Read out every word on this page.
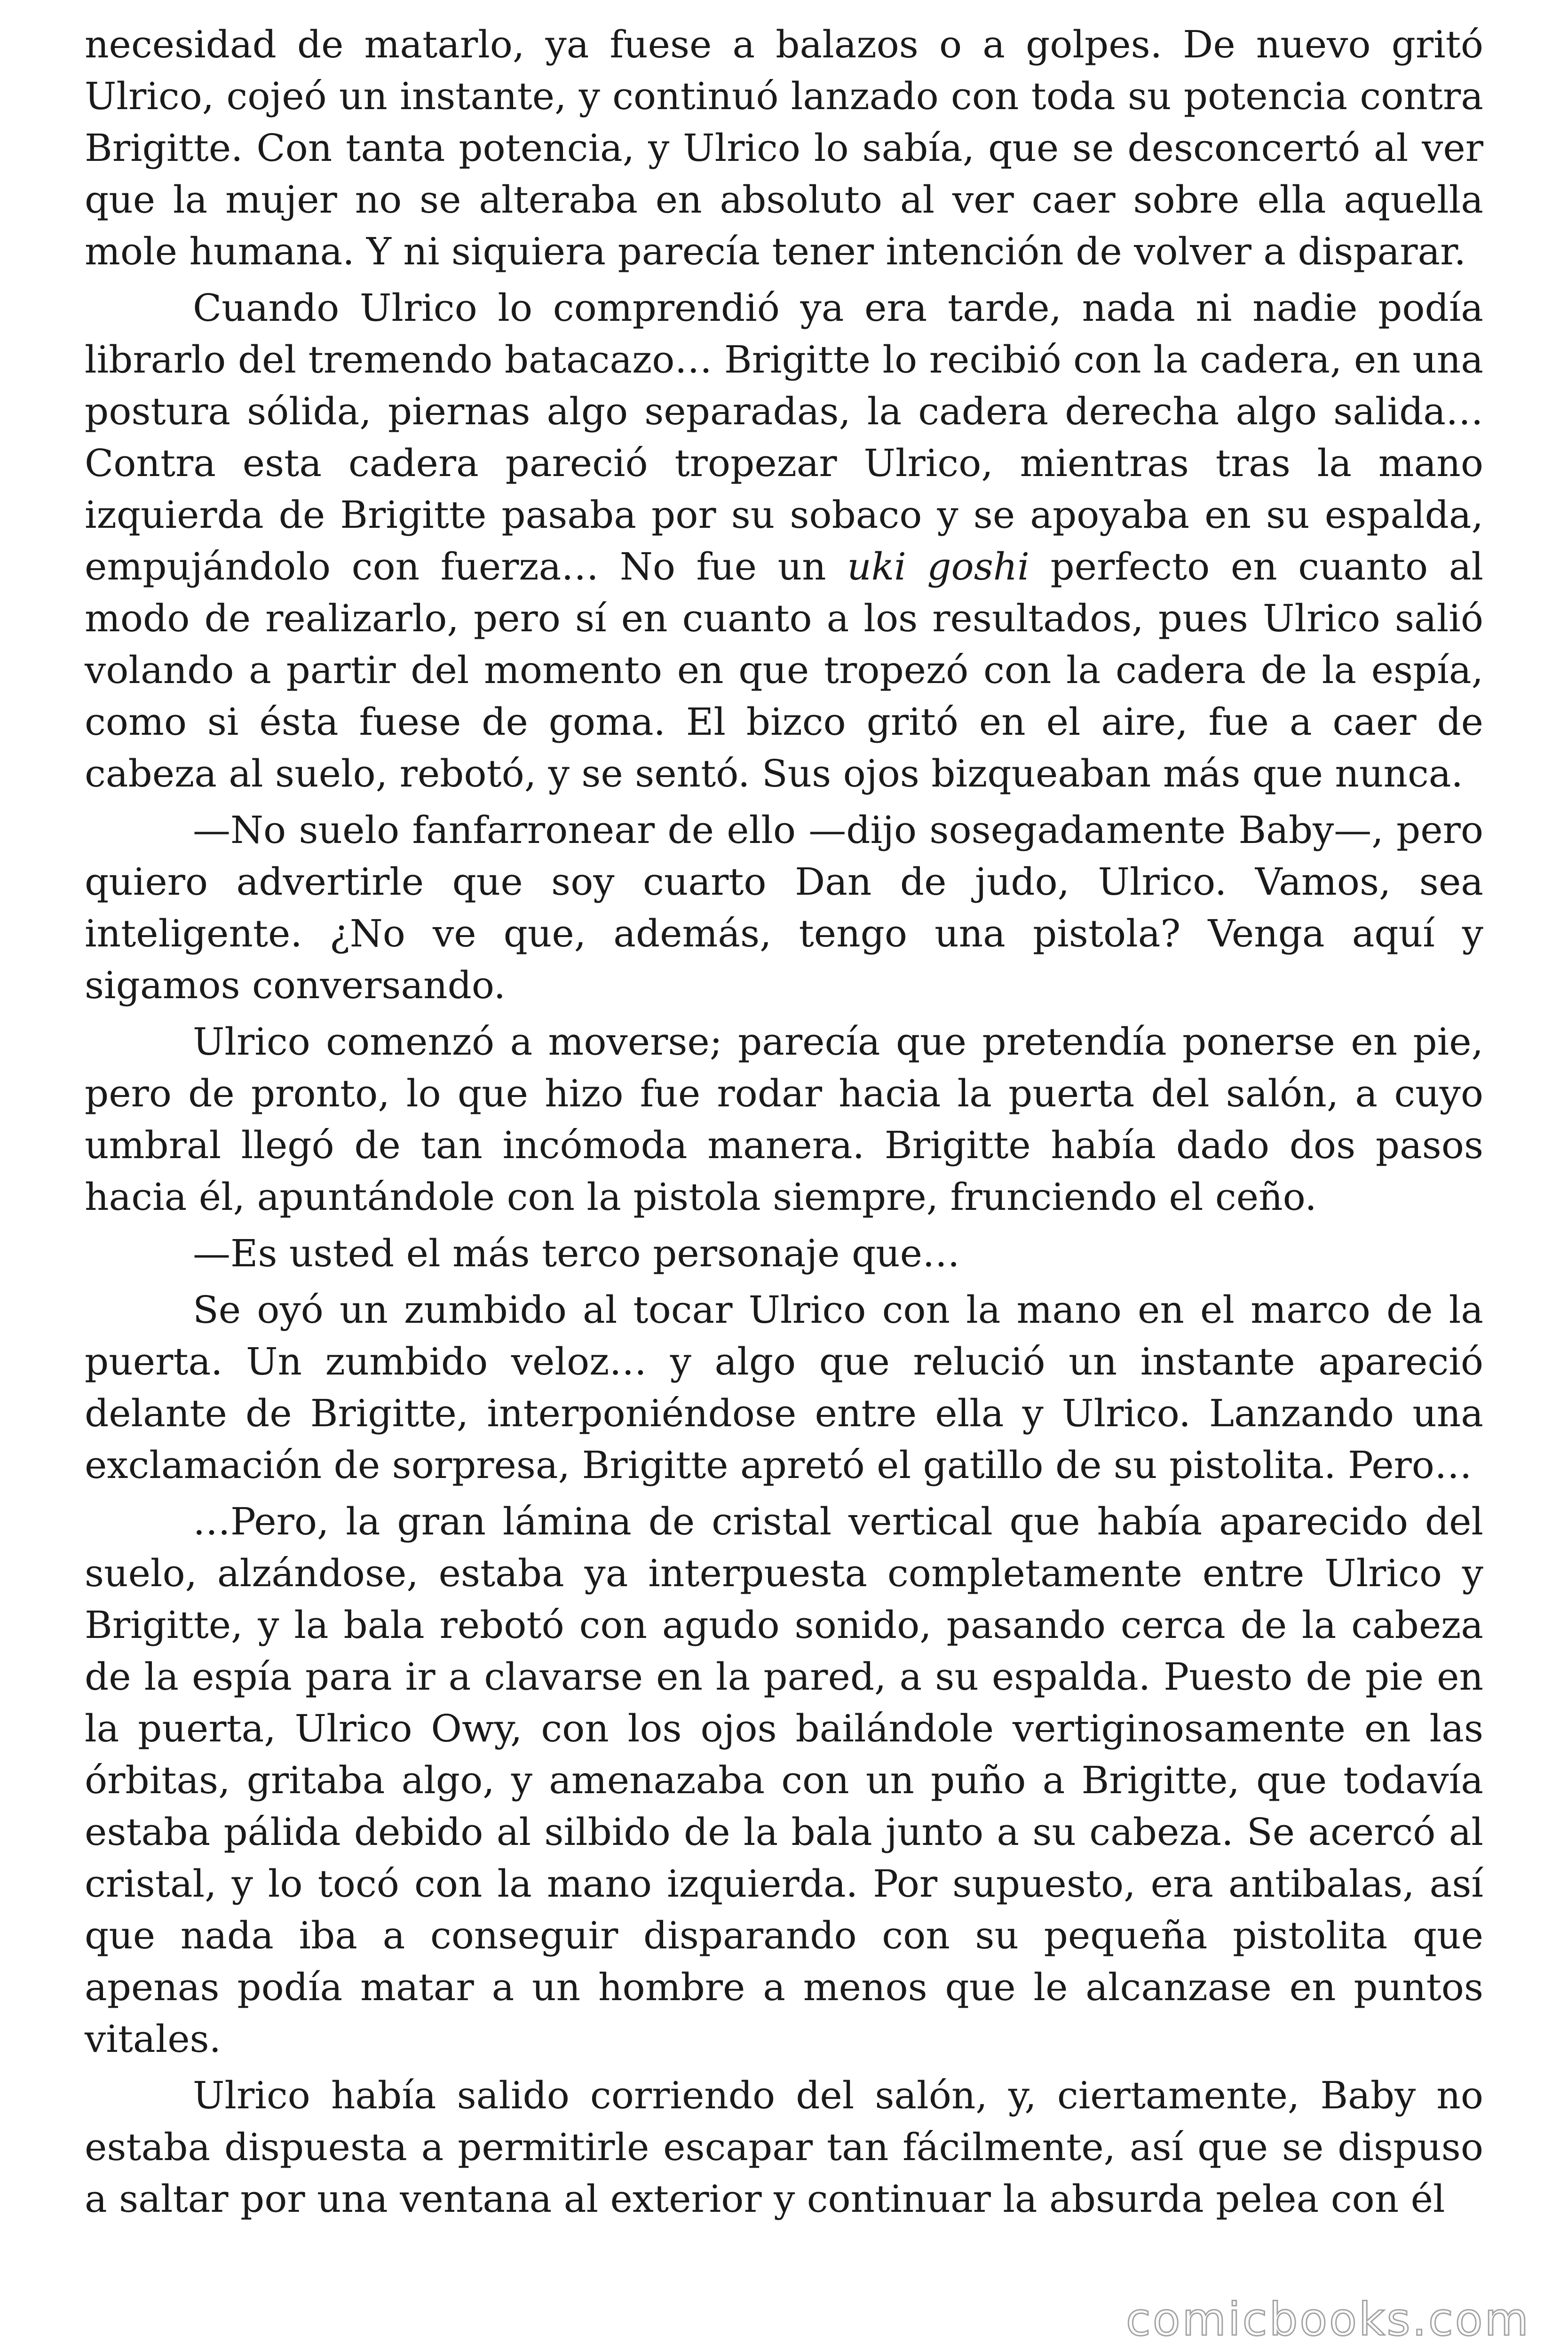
necesidad de matarlo, ya fuese a balazos o a golpes. De nuevo gritó Ulrico, cojeó un instante, y continuó lanzado con toda su potencia contra Brigitte. Con tanta potencia, y Ulrico lo sabía, que se desconcertó al ver que la mujer no se alteraba en absoluto al ver caer sobre ella aquella mole humana. Y ni siquiera parecía tener intención de volver a disparar.

Cuando Ulrico lo comprendió ya era tarde, nada ni nadie podía librarlo del tremendo batacazo… Brigitte lo recibió con la cadera, en una postura sólida, piernas algo separadas, la cadera derecha algo salida… Contra esta cadera pareció tropezar Ulrico, mientras tras la mano izquierda de Brigitte pasaba por su sobaco y se apoyaba en su espalda, empujándolo con fuerza… No fue un uki goshi perfecto en cuanto al modo de realizarlo, pero sí en cuanto a los resultados, pues Ulrico salió volando a partir del momento en que tropezó con la cadera de la espía, como si ésta fuese de goma. El bizco gritó en el aire, fue a caer de cabeza al suelo, rebotó, y se sentó. Sus ojos bizqueaban más que nunca.

—No suelo fanfarronear de ello —dijo sosegadamente Baby—, pero quiero advertirle que soy cuarto Dan de judo, Ulrico. Vamos, sea inteligente. ¿No ve que, además, tengo una pistola? Venga aquí y sigamos conversando.

Ulrico comenzó a moverse; parecía que pretendía ponerse en pie, pero de pronto, lo que hizo fue rodar hacia la puerta del salón, a cuyo umbral llegó de tan incómoda manera. Brigitte había dado dos pasos hacia él, apuntándole con la pistola siempre, frunciendo el ceño.

—Es usted el más terco personaje que…

Se oyó un zumbido al tocar Ulrico con la mano en el marco de la puerta. Un zumbido veloz… y algo que relució un instante apareció delante de Brigitte, interponiéndose entre ella y Ulrico. Lanzando una exclamación de sorpresa, Brigitte apretó el gatillo de su pistolita. Pero…

…Pero, la gran lámina de cristal vertical que había aparecido del suelo, alzándose, estaba ya interpuesta completamente entre Ulrico y Brigitte, y la bala rebotó con agudo sonido, pasando cerca de la cabeza de la espía para ir a clavarse en la pared, a su espalda. Puesto de pie en la puerta, Ulrico Owy, con los ojos bailándole vertiginosamente en las órbitas, gritaba algo, y amenazaba con un puño a Brigitte, que todavía estaba pálida debido al silbido de la bala junto a su cabeza. Se acercó al cristal, y lo tocó con la mano izquierda. Por supuesto, era antibalas, así que nada iba a conseguir disparando con su pequeña pistolita que apenas podía matar a un hombre a menos que le alcanzase en puntos vitales.

Ulrico había salido corriendo del salón, y, ciertamente, Baby no estaba dispuesta a permitirle escapar tan fácilmente, así que se dispuso a saltar por una ventana al exterior y continuar la absurda pelea con él

comicbooks.com
